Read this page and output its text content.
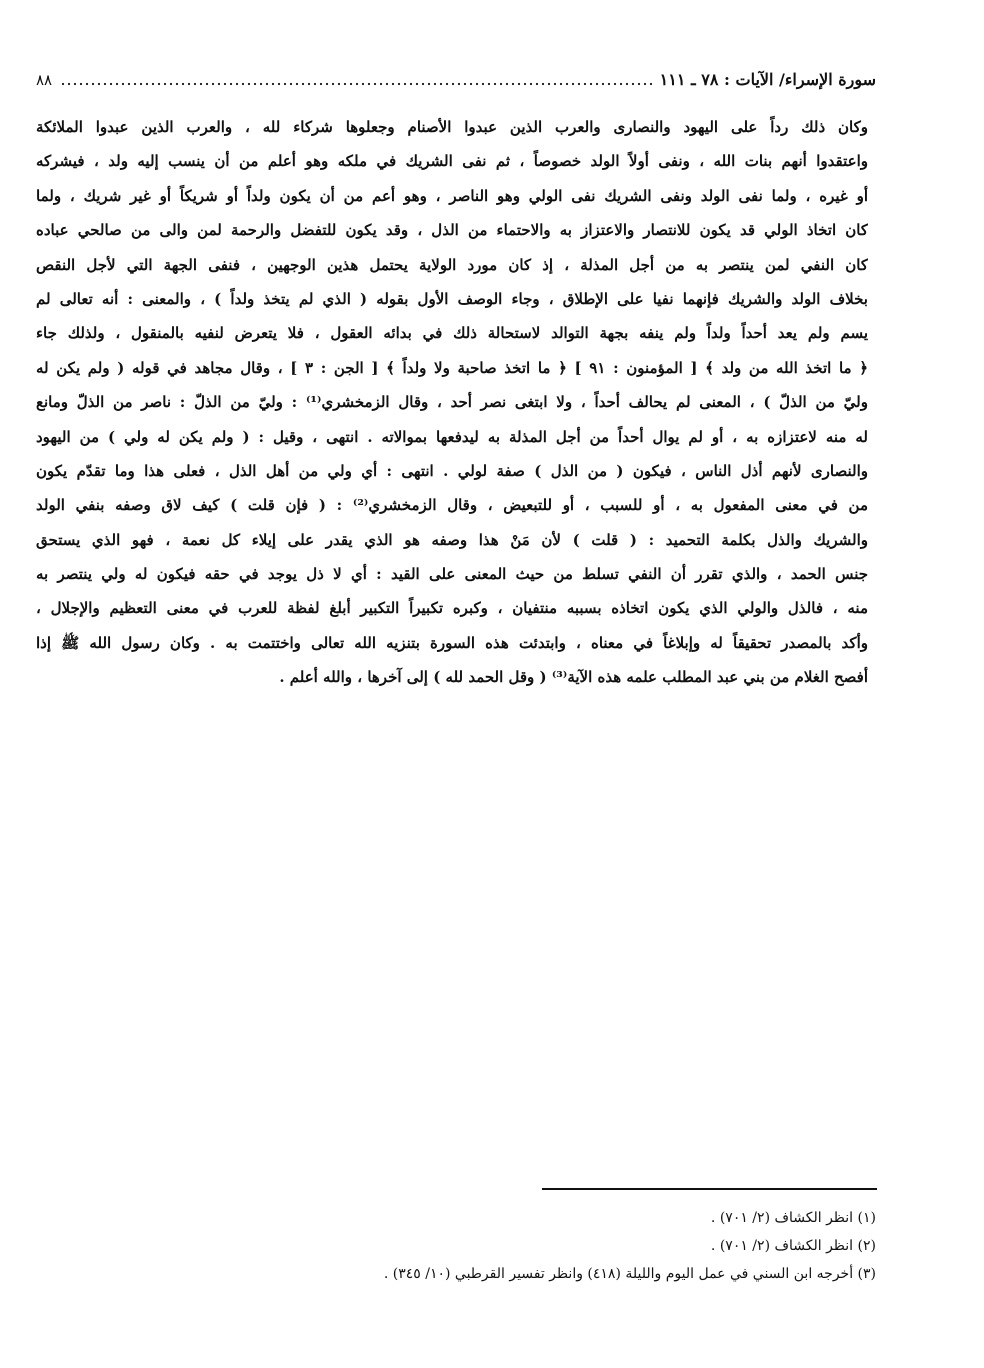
٨٨	سورة الإسراء/ الآيات : ٧٨ ـ ١١١
وكان ذلك رداً على اليهود والنصارى والعرب الذين عبدوا الأصنام وجعلوها شركاء لله ، والعرب الذين عبدوا الملائكة
واعتقدوا أنهم بنات الله ، ونفى أولاً الولد خصوصاً ، ثم نفى الشريك في ملكه وهو أعلم من أن ينسب إليه ولد ، فيشركه
أو غيره ، ولما نفى الولد ونفى الشريك نفى الولي وهو الناصر ، وهو أعم من أن يكون ولداً أو شريكاً أو غير شريك ، ولما
كان اتخاذ الولي قد يكون للانتصار والاعتزاز به والاحتماء من الذل ، وقد يكون للتفضل والرحمة لمن والى من صالحي عباده
كان النفي لمن ينتصر به من أجل المذلة ، إذ كان مورد الولاية يحتمل هذين الوجهين ، فنفى الجهة التي لأجل النقص
بخلاف الولد والشريك فإنهما نفيا على الإطلاق ، وجاء الوصف الأول بقوله ( الذي لم يتخذ ولداً ) ، والمعنى : أنه تعالى لم
يسم ولم يعد أحداً ولداً ولم ينفه بجهة التوالد لاستحالة ذلك في بدائه العقول ، فلا يتعرض لنفيه بالمنقول ، ولذلك جاء
﴿ ما اتخذ الله من ولد ﴾ [ المؤمنون : ٩١ ] ﴿ ما اتخذ صاحبة ولا ولداً ﴾ [ الجن : ٣ ] ، وقال مجاهد في قوله ( ولم يكن له
وليّ من الذلّ ) ، المعنى لم يحالف أحداً ، ولا ابتغى نصر أحد ، وقال الزمخشري⁽¹⁾ : وليّ من الذلّ : ناصر من الذلّ ومانع
له منه لاعتزازه به ، أو لم يوال أحداً من أجل المذلة به ليدفعها بموالاته . انتهى ، وقيل : ( ولم يكن له ولي ) من اليهود
والنصارى لأنهم أذل الناس ، فيكون ( من الذل ) صفة لولي . انتهى : أي ولي من أهل الذل ، فعلى هذا وما تقدّم يكون
من في معنى المفعول به ، أو للسبب ، أو للتبعيض ، وقال الزمخشري⁽²⁾ : ( فإن قلت ) كيف لاق وصفه بنفي الولد
والشريك والذل بكلمة التحميد : ( قلت ) لأن مَنْ هذا وصفه هو الذي يقدر على إيلاء كل نعمة ، فهو الذي يستحق
جنس الحمد ، والذي تقرر أن النفي تسلط من حيث المعنى على القيد : أي لا ذل يوجد في حقه فيكون له ولي ينتصر به
منه ، فالذل والولي الذي يكون اتخاذه بسببه منتفيان ، وكبره تكبيراً التكبير أبلغ لفظة للعرب في معنى التعظيم والإجلال ،
وأكد بالمصدر تحقيقاً له وإبلاغاً في معناه ، وابتدئت هذه السورة بتنزيه الله تعالى واختتمت به . وكان رسول الله ﷺ إذا
أفصح الغلام من بني عبد المطلب علمه هذه الآية⁽³⁾ ( وقل الحمد لله ) إلى آخرها ، والله أعلم .
(١) انظر الكشاف (٢/ ٧٠١) .
(٢) انظر الكشاف (٢/ ٧٠١) .
(٣) أخرجه ابن السني في عمل اليوم والليلة (٤١٨) وانظر تفسير القرطبي (١٠/ ٣٤٥) .
